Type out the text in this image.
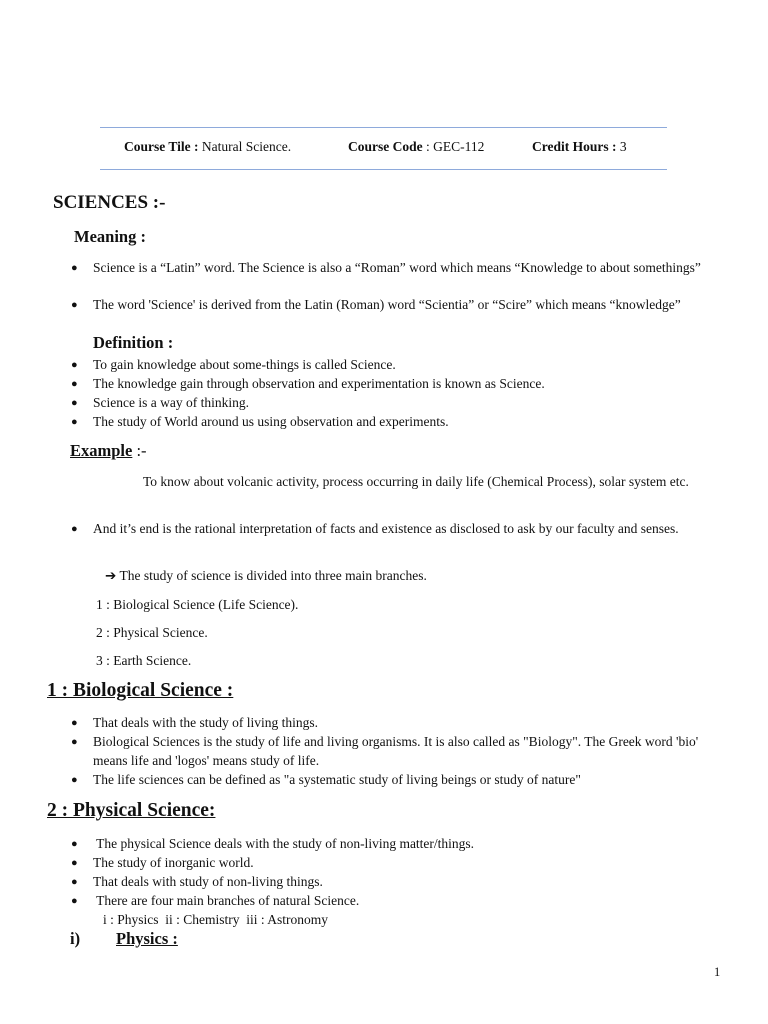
Course Tile : Natural Science.	Course Code : GEC-112	Credit Hours : 3
SCIENCES :-
Meaning :
● Science is a “Latin” word. The Science is also a “Roman” word which means “Knowledge to about somethings”
● The word 'Science' is derived from the Latin (Roman) word “Scientia” or “Scire” which means “knowledge”
Definition :
● To gain knowledge about some-things is called Science.
● The knowledge gain through observation and experimentation is known as Science.
● Science is a way of thinking.
● The study of World around us using observation and experiments.
Example :-
To know about volcanic activity, process occurring in daily life (Chemical Process), solar system etc.
● And it’s end is the rational interpretation of facts and existence as disclosed to ask by our faculty and senses.
➔ The study of science is divided into three main branches.
1 : Biological Science (Life Science).
2 : Physical Science.
3 : Earth Science.
1 : Biological Science :
● That deals with the study of living things.
● Biological Sciences is the study of life and living organisms. It is also called as "Biology". The Greek word 'bio' means life and 'logos' means study of life.
● The life sciences can be defined as "a systematic study of living beings or study of nature"
2 : Physical Science:
● The physical Science deals with the study of non-living matter/things.
● The study of inorganic world.
● That deals with study of non-living things.
● There are four main branches of natural Science.
i : Physics  ii : Chemistry  iii : Astronomy
i) Physics :
1
